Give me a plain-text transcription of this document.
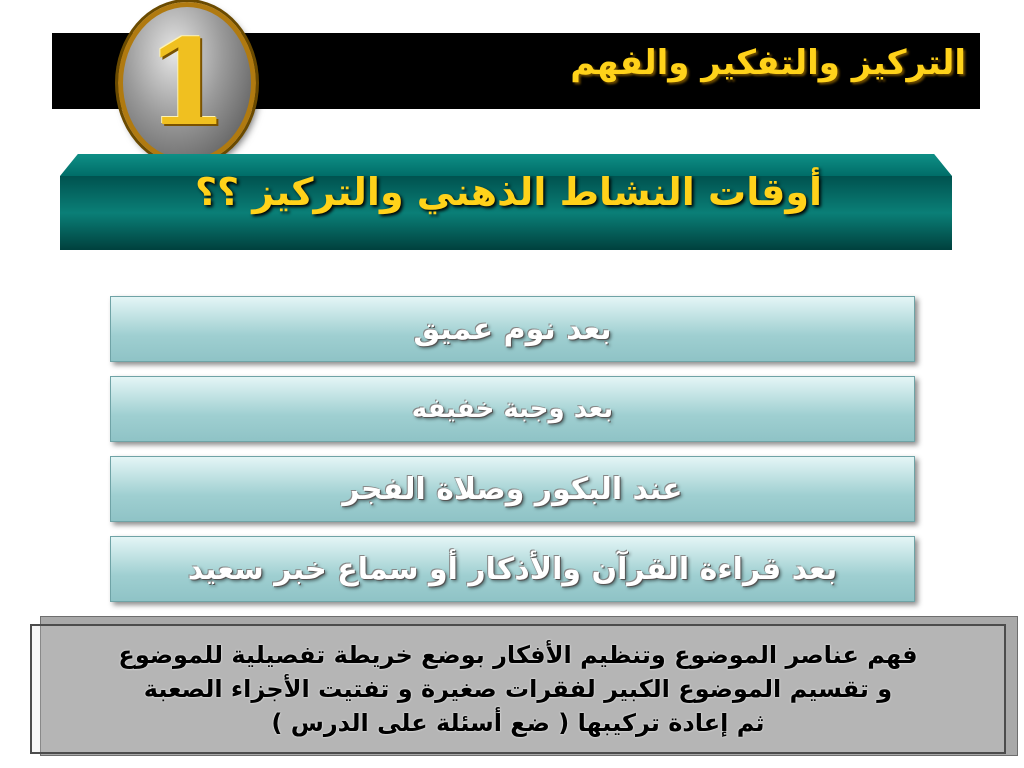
التركيز والتفكير والفهم
1
أوقات النشاط الذهني والتركيز ؟؟
بعد نوم عميق
بعد وجبة خفيفه
عند البكور وصلاة الفجر
بعد قراءة القرآن والأذكار أو سماع خبر سعيد
فهم عناصر الموضوع وتنظيم الأفكار بوضع خريطة تفصيلية للموضوع
و تقسيم الموضوع الكبير لفقرات صغيرة و تفتيت الأجزاء الصعبة
ثم إعادة تركيبها ( ضع أسئلة على الدرس )
